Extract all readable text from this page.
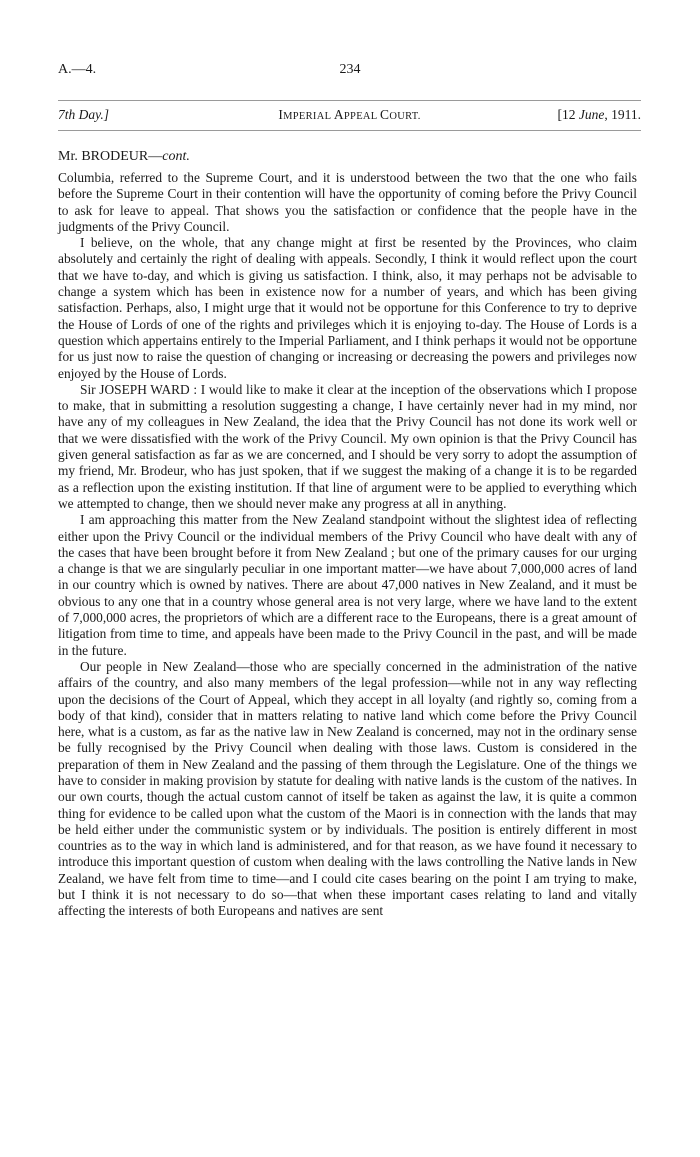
A.—4.	234
7th Day.]	IMPERIAL APPEAL COURT.	[12 June, 1911.
Mr. BRODEUR—cont.

Columbia, referred to the Supreme Court, and it is understood between the two that the one who fails before the Supreme Court in their contention will have the opportunity of coming before the Privy Council to ask for leave to appeal. That shows you the satisfaction or confidence that the people have in the judgments of the Privy Council.

I believe, on the whole, that any change might at first be resented by the Provinces, who claim absolutely and certainly the right of dealing with appeals. Secondly, I think it would reflect upon the court that we have to-day, and which is giving us satisfaction. I think, also, it may perhaps not be advisable to change a system which has been in existence now for a number of years, and which has been giving satisfaction. Perhaps, also, I might urge that it would not be opportune for this Conference to try to deprive the House of Lords of one of the rights and privileges which it is enjoying to-day. The House of Lords is a question which appertains entirely to the Imperial Parliament, and I think perhaps it would not be opportune for us just now to raise the question of changing or increasing or decreasing the powers and privileges now enjoyed by the House of Lords.

Sir JOSEPH WARD : I would like to make it clear at the inception of the observations which I propose to make, that in submitting a resolution suggesting a change, I have certainly never had in my mind, nor have any of my colleagues in New Zealand, the idea that the Privy Council has not done its work well or that we were dissatisfied with the work of the Privy Council. My own opinion is that the Privy Council has given general satisfaction as far as we are concerned, and I should be very sorry to adopt the assumption of my friend, Mr. Brodeur, who has just spoken, that if we suggest the making of a change it is to be regarded as a reflection upon the existing institution. If that line of argument were to be applied to everything which we attempted to change, then we should never make any progress at all in anything.

I am approaching this matter from the New Zealand standpoint without the slightest idea of reflecting either upon the Privy Council or the individual members of the Privy Council who have dealt with any of the cases that have been brought before it from New Zealand ; but one of the primary causes for our urging a change is that we are singularly peculiar in one important matter—we have about 7,000,000 acres of land in our country which is owned by natives. There are about 47,000 natives in New Zealand, and it must be obvious to any one that in a country whose general area is not very large, where we have land to the extent of 7,000,000 acres, the proprietors of which are a different race to the Europeans, there is a great amount of litigation from time to time, and appeals have been made to the Privy Council in the past, and will be made in the future.

Our people in New Zealand—those who are specially concerned in the administration of the native affairs of the country, and also many members of the legal profession—while not in any way reflecting upon the decisions of the Court of Appeal, which they accept in all loyalty (and rightly so, coming from a body of that kind), consider that in matters relating to native land which come before the Privy Council here, what is a custom, as far as the native law in New Zealand is concerned, may not in the ordinary sense be fully recognised by the Privy Council when dealing with those laws. Custom is considered in the preparation of them in New Zealand and the passing of them through the Legislature. One of the things we have to consider in making provision by statute for dealing with native lands is the custom of the natives. In our own courts, though the actual custom cannot of itself be taken as against the law, it is quite a common thing for evidence to be called upon what the custom of the Maori is in connection with the lands that may be held either under the communistic system or by individuals. The position is entirely different in most countries as to the way in which land is administered, and for that reason, as we have found it necessary to introduce this important question of custom when dealing with the laws controlling the Native lands in New Zealand, we have felt from time to time—and I could cite cases bearing on the point I am trying to make, but I think it is not necessary to do so—that when these important cases relating to land and vitally affecting the interests of both Europeans and natives are sent
